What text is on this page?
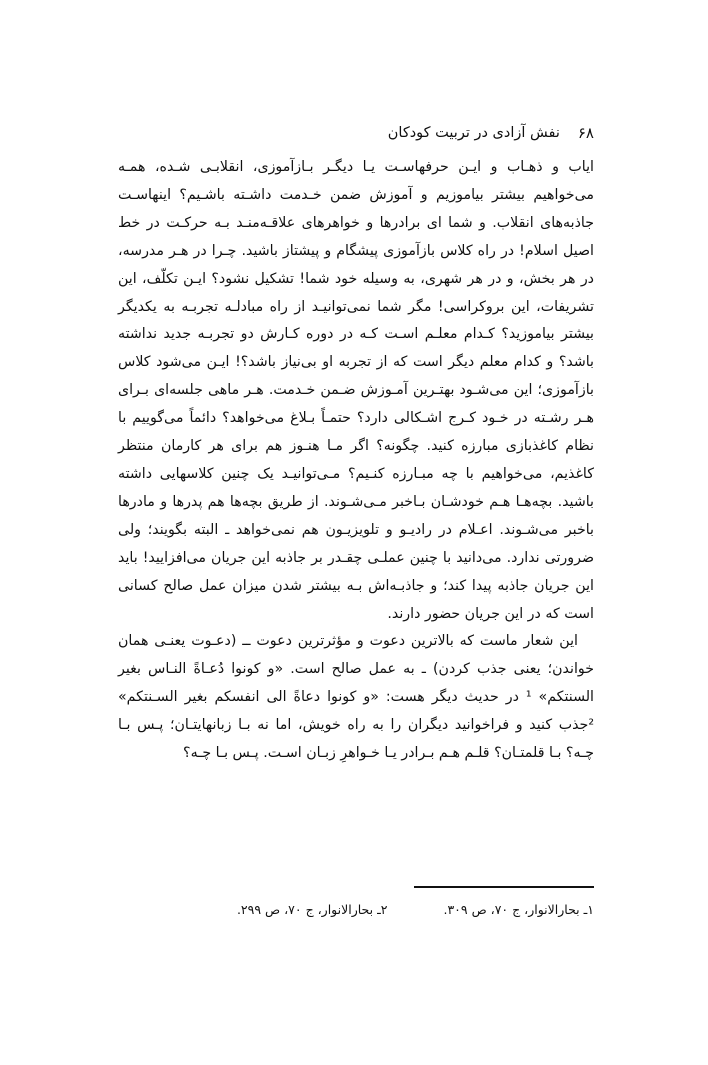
۶۸
نفش آزادی در تربیت کودکان

ایاب و ذهـاب و ایـن حرفهاسـت یـا دیگـر بـازآموزی، انقلابـی شـده، همـه می‌خواهیم بیشتر بیاموزیم و آموزش ضمن خـدمت داشـته باشـیم؟ اینهاسـت جاذبه‌های انقلاب. و شما ای برادرها و خواهرهای علاقـه‌منـد بـه حرکـت در خط اصیل اسلام! در راه کلاس بازآموزی پیشگام و پیشتاز باشید. چـرا در هـر مدرسه، در هر بخش، و در هر شهری، به وسیله خود شما! تشکیل نشود؟ ایـن تکلّف، این تشریفات، این بروکراسی! مگر شما نمی‌توانیـد از راه مبادلـه تجربـه به یکدیگر بیشتر بیاموزید؟ کـدام معلـم اسـت کـه در دوره کـارش دو تجربـه جدید نداشته باشد؟ و کدام معلم دیگر است که از تجربه او بی‌نیاز باشد؟! ایـن می‌شود کلاس بازآموزی؛ این می‌شـود بهتـرین آمـوزش ضـمن خـدمت. هـر ماهی جلسه‌ای بـرای هـر رشـته در خـود کـرج اشـکالی دارد؟ حتمـاً بـلاغ می‌خواهد؟ دائماً می‌گوییم با نظام کاغذبازی مبارزه کنید. چگونه؟ اگر مـا هنـوز هم برای هر کارمان منتظر کاغذیم، می‌خواهیم با چه مبـارزه کنـیم؟ مـی‌توانیـد یک چنین کلاسهایی داشته باشید. بچه‌هـا هـم خودشـان بـاخبر مـی‌شـوند. از طریق بچه‌ها هم پدرها و مادرها باخبر می‌شـوند. اعـلام در رادیـو و تلویزیـون هم نمی‌خواهد ـ البته بگویند؛ ولی ضرورتی ندارد. می‌دانید با چنین عملـی چقـدر بر جاذبه این جریان می‌افزایید! باید این جریان جاذبه پیدا کند؛ و جاذبـه‌اش بـه بیشتر شدن میزان عمل صالح کسانی است که در این جریان حضور دارند.

این شعار ماست که بالاترین دعوت و مؤثرترین دعوت ــ (دعـوت یعنـی همان خواندن؛ یعنی جذب کردن) ـ به عمل صالح است. «و کونوا دُعـاةً النـاس بغیر السنتکم» ¹ در حدیث دیگر هست: «و کونوا دعاةً الی انفسکم بغیر السـنتکم» ²جذب کنید و فراخوانید دیگران را به راه خویش، اما نه بـا زبانهایتـان؛ پـس بـا چـه؟ بـا قلمتـان؟ قلـم هـم بـرادر یـا خـواهرِ زبـان اسـت. پـس بـا چـه؟

۱ـ بحارالانوار، ج ۷۰، ص ۳۰۹.
۲ـ بحارالانوار، ج ۷۰، ص ۲۹۹.
